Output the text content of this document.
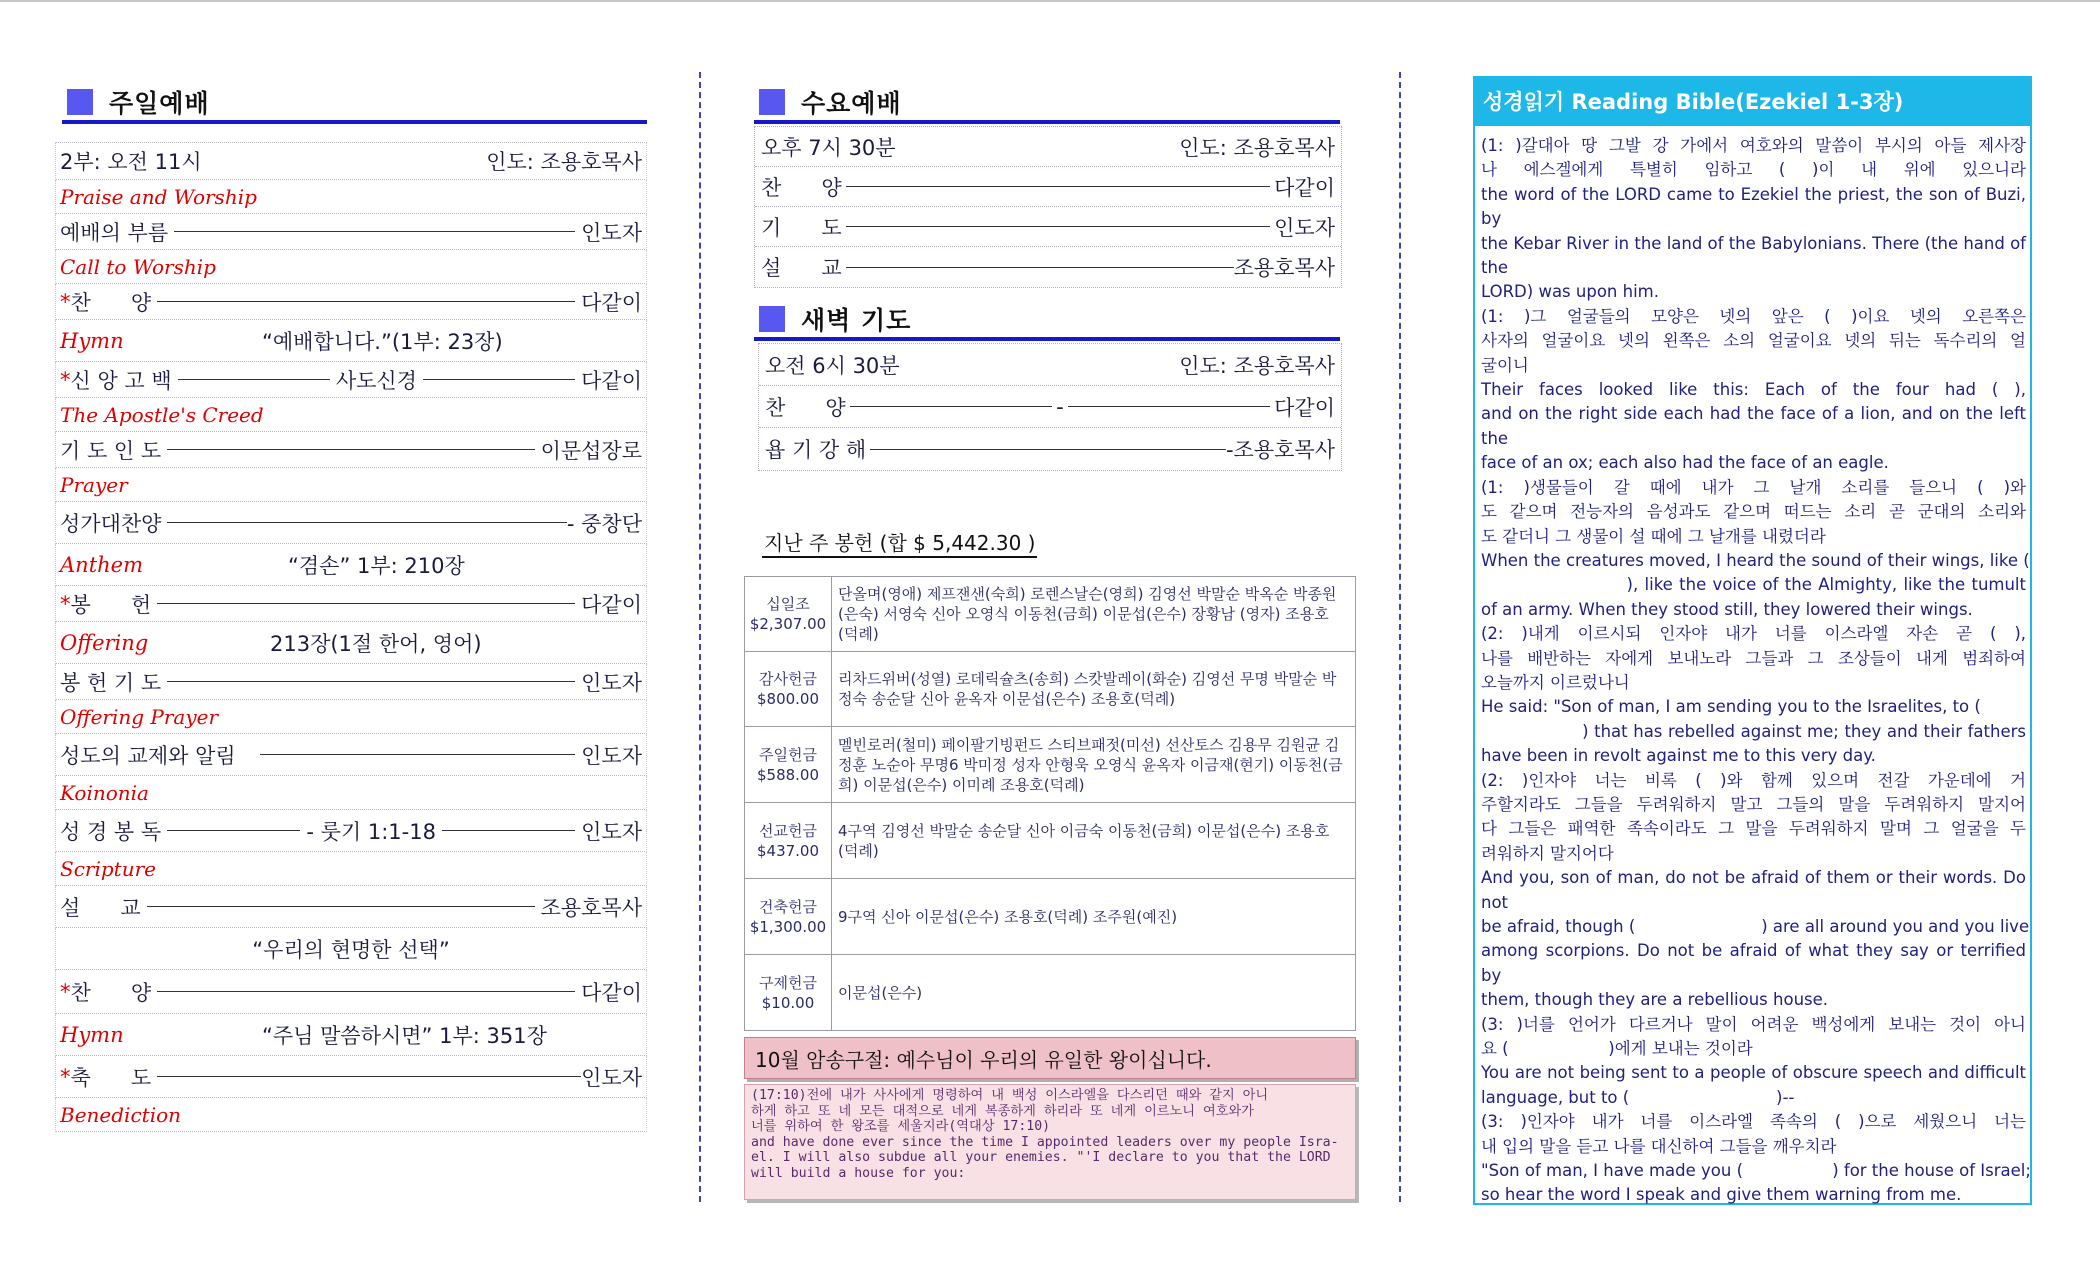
주일예배
2부: 오전 11시	인도: 조용호목사
Praise and Worship
예배의 부름	인도자
Call to Worship
* 찬      양	다같이
Hymn	“예배합니다.”(1부: 23장)
* 신 앙 고 백	사도신경	다같이
The Apostle's Creed
기 도 인 도	이문섭장로
Prayer
성가대찬양	- 중창단
Anthem	“겸손” 1부: 210장
* 봉      헌	다같이
Offering	213장(1절 한어, 영어)
봉 헌 기 도	인도자
Offering Prayer
성도의 교제와 알림	인도자
Koinonia
성 경 봉 독	- 룻기 1:1-18	인도자
Scripture
설      교	조용호목사
“우리의 현명한 선택”
* 찬      양	다같이
Hymn	“주님 말씀하시면” 1부: 351장
* 축      도	인도자
Benediction
수요예배
오후 7시 30분	인도: 조용호목사
찬      양	다같이
기      도	인도자
설      교	조용호목사
새벽 기도
오전 6시 30분	인도: 조용호목사
찬      양	-	다같이
욥 기 강 해	-조용호목사
지난 주 봉헌 (합 $ 5,442.30 )
십일조
$2,307.00	단올며(영애) 제프잰샌(숙희) 로렌스날슨(영희) 김영선 박말순 박옥순 박종원(은숙) 서영숙 신아 오영식 이동천(금희) 이문섭(은수) 장황남 (영자) 조용호(덕례)

감사헌금
$800.00	리차드위버(성열) 로데릭슐츠(송희) 스캇발레이(화순) 김영선 무명 박말순 박정숙 송순달 신아 윤옥자 이문섭(은수) 조용호(덕례)

주일헌금
$588.00	멜빈로러(철미) 페이팔기빙펀드 스티브패젓(미선) 선산토스 김용무 김원균 김정훈 노순아 무명6 박미정 성자 안형욱 오영식 윤옥자 이금재(현기) 이동천(금희) 이문섭(은수) 이미례 조용호(덕례)

선교헌금
$437.00	4구역 김영선 박말순 송순달 신아 이금숙 이동천(금희) 이문섭(은수) 조용호(덕례)

건축헌금
$1,300.00	9구역 신아 이문섭(은수) 조용호(덕례) 조주원(예진)

구제헌금
$10.00	이문섭(은수)
10월 암송구절: 예수님이 우리의 유일한 왕이십니다.
(17:10)전에 내가 사사에게 명령하여 내 백성 이스라엘을 다스리던 때와 같지 아니
하게 하고 또 네 모든 대적으로 네게 복종하게 하리라 또 네게 이르노니 여호와가
너를 위하여 한 왕조를 세울지라(역대상 17:10)
and have done ever since the time I appointed leaders over my people Isra-
el. I will also subdue all your enemies. "'I declare to you that the LORD
will build a house for you:
성경읽기 Reading Bible(Ezekiel 1-3장)
(1: )갈대아 땅 그발 강 가에서 여호와의 말씀이 부시의 아들 제사장
나 에스겔에게 특별히 임하고 ( )이 내 위에 있으니라
the word of the LORD came to Ezekiel the priest, the son of Buzi, by
the Kebar River in the land of the Babylonians. There (the hand of the
LORD) was upon him.
(1: )그 얼굴들의 모양은 넷의 앞은 ( )이요 넷의 오른쪽은
사자의 얼굴이요 넷의 왼쪽은 소의 얼굴이요 넷의 뒤는 독수리의 얼
굴이니
Their faces looked like this: Each of the four had ( ),
and on the right side each had the face of a lion, and on the left the
face of an ox; each also had the face of an eagle.
(1: )생물들이 갈 때에 내가 그 날개 소리를 들으니 ( )와
도 같으며 전능자의 음성과도 같으며 떠드는 소리 곧 군대의 소리와
도 같더니 그 생물이 설 때에 그 날개를 내렸더라
When the creatures moved, I heard the sound of their wings, like (
), like the voice of the Almighty, like the tumult
of an army. When they stood still, they lowered their wings.
(2: )내게 이르시되 인자야 내가 너를 이스라엘 자손 곧 ( ),
나를 배반하는 자에게 보내노라 그들과 그 조상들이 내게 범죄하여
오늘까지 이르렀나니
He said: "Son of man, I am sending you to the Israelites, to (
) that has rebelled against me; they and their fathers
have been in revolt against me to this very day.
(2: )인자야 너는 비록 ( )와 함께 있으며 전갈 가운데에 거
주할지라도 그들을 두려워하지 말고 그들의 말을 두려워하지 말지어
다 그들은 패역한 족속이라도 그 말을 두려워하지 말며 그 얼굴을 두
려워하지 말지어다
And you, son of man, do not be afraid of them or their words. Do not
be afraid, though (                        ) are all around you and you live
among scorpions. Do not be afraid of what they say or terrified by
them, though they are a rebellious house.
(3: )너를 언어가 다르거나 말이 어려운 백성에게 보내는 것이 아니
요 (                   )에게 보내는 것이라
You are not being sent to a people of obscure speech and difficult
language, but to (                            )--
(3: )인자야 내가 너를 이스라엘 족속의 ( )으로 세웠으니 너는
내 입의 말을 듣고 나를 대신하여 그들을 깨우치라
"Son of man, I have made you (                 ) for the house of Israel;
so hear the word I speak and give them warning from me.
